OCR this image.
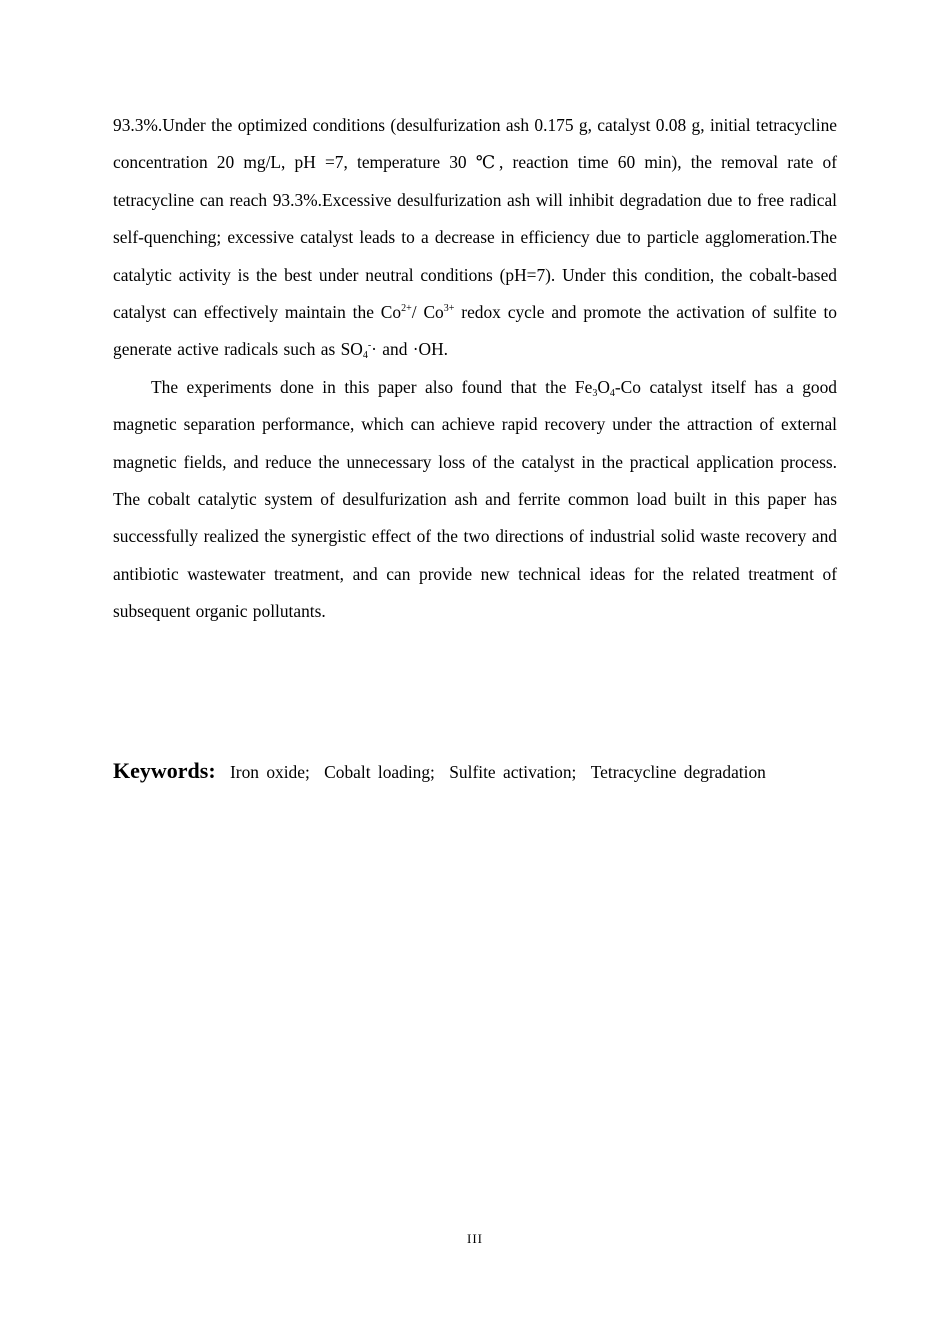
93.3%.Under the optimized conditions (desulfurization ash 0.175 g, catalyst 0.08 g, initial tetracycline concentration 20 mg/L, pH =7, temperature 30 ℃, reaction time 60 min), the removal rate of tetracycline can reach 93.3%.Excessive desulfurization ash will inhibit degradation due to free radical self-quenching; excessive catalyst leads to a decrease in efficiency due to particle agglomeration.The catalytic activity is the best under neutral conditions (pH=7). Under this condition, the cobalt-based catalyst can effectively maintain the $Co^{2+}/$ $Co^{3+}$ redox cycle and promote the activation of sulfite to generate active radicals such as $SO_4^-\cdot$ and ·OH.

The experiments done in this paper also found that the $Fe_3O_4-Co$ catalyst itself has a good magnetic separation performance, which can achieve rapid recovery under the attraction of external magnetic fields, and reduce the unnecessary loss of the catalyst in the practical application process. The cobalt catalytic system of desulfurization ash and ferrite common load built in this paper has successfully realized the synergistic effect of the two directions of industrial solid waste recovery and antibiotic wastewater treatment, and can provide new technical ideas for the related treatment of subsequent organic pollutants.

Keywords: Iron oxide; Cobalt loading; Sulfite activation; Tetracycline degradation
III
